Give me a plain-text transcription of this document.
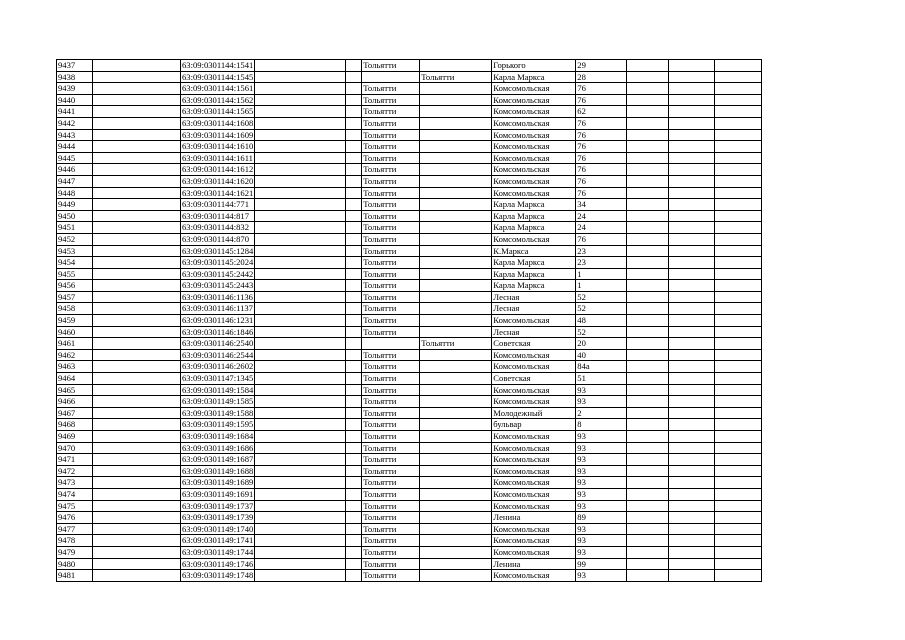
9437		63:09:0301144:1541			Тольятти		Горького	29			
9438		63:09:0301144:1545				Тольятти	Карла Маркса	28			
9439		63:09:0301144:1561			Тольятти		Комсомольская	76			
9440		63:09:0301144:1562			Тольятти		Комсомольская	76			
9441		63:09:0301144:1565			Тольятти		Комсомольская	62			
9442		63:09:0301144:1608			Тольятти		Комсомольская	76			
9443		63:09:0301144:1609			Тольятти		Комсомольская	76			
9444		63:09:0301144:1610			Тольятти		Комсомольская	76			
9445		63:09:0301144:1611			Тольятти		Комсомольская	76			
9446		63:09:0301144:1612			Тольятти		Комсомольская	76			
9447		63:09:0301144:1620			Тольятти		Комсомольская	76			
9448		63:09:0301144:1621			Тольятти		Комсомольская	76			
9449		63:09:0301144:771			Тольятти		Карла Маркса	34			
9450		63:09:0301144:817			Тольятти		Карла Маркса	24			
9451		63:09:0301144:832			Тольятти		Карла Маркса	24			
9452		63:09:0301144:870			Тольятти		Комсомольская	76			
9453		63:09:0301145:1284			Тольятти		К.Маркса	23			
9454		63:09:0301145:2024			Тольятти		Карла Маркса	23			
9455		63:09:0301145:2442			Тольятти		Карла Маркса	1			
9456		63:09:0301145:2443			Тольятти		Карла Маркса	1			
9457		63:09:0301146:1136			Тольятти		Лесная	52			
9458		63:09:0301146:1137			Тольятти		Лесная	52			
9459		63:09:0301146:1231			Тольятти		Комсомольская	48			
9460		63:09:0301146:1846			Тольятти		Лесная	52			
9461		63:09:0301146:2540				Тольятти	Советская	20			
9462		63:09:0301146:2544			Тольятти		Комсомольская	40			
9463		63:09:0301146:2602			Тольятти		Комсомольская	84а			
9464		63:09:0301147:1345			Тольятти		Советская	51			
9465		63:09:0301149:1584			Тольятти		Комсомольская	93			
9466		63:09:0301149:1585			Тольятти		Комсомольская	93			
9467		63:09:0301149:1588			Тольятти		Молодежный	2			
9468		63:09:0301149:1595			Тольятти		бульвар	8			
9469		63:09:0301149:1684			Тольятти		Комсомольская	93			
9470		63:09:0301149:1686			Тольятти		Комсомольская	93			
9471		63:09:0301149:1687			Тольятти		Комсомольская	93			
9472		63:09:0301149:1688			Тольятти		Комсомольская	93			
9473		63:09:0301149:1689			Тольятти		Комсомольская	93			
9474		63:09:0301149:1691			Тольятти		Комсомольская	93			
9475		63:09:0301149:1737			Тольятти		Комсомольская	93			
9476		63:09:0301149:1739			Тольятти		Ленина	89			
9477		63:09:0301149:1740			Тольятти		Комсомольская	93			
9478		63:09:0301149:1741			Тольятти		Комсомольская	93			
9479		63:09:0301149:1744			Тольятти		Комсомольская	93			
9480		63:09:0301149:1746			Тольятти		Ленина	99			
9481		63:09:0301149:1748			Тольятти		Комсомольская	93			
